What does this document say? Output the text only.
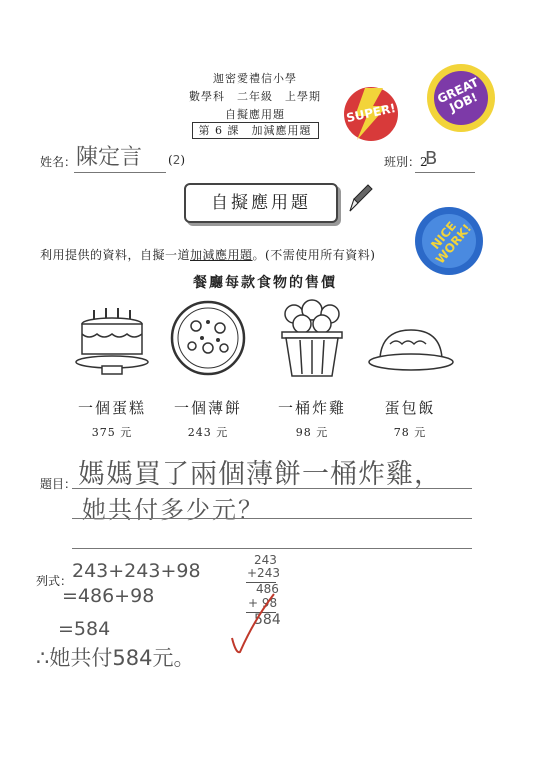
迦密愛禮信小學
數學科　二年級　上學期
自擬應用題
第 6 課　加減應用題
SUPER!
GREAT JOB!
NICE WORK!
姓名： 陳定言 (2)	班別：2
B
自擬應用題
利用提供的資料，自擬一道加減應用題。(不需使用所有資料)
餐廳每款食物的售價
一個蛋糕	一個薄餅	一桶炸雞	蛋包飯
375 元	243 元	98 元	78 元
題目： 媽媽買了兩個薄餅一桶炸雞，
她共付多少元？
列式： 243+243+98
=486+98
=584
∴她共付584元。
243
+243
486
+ 98
584
